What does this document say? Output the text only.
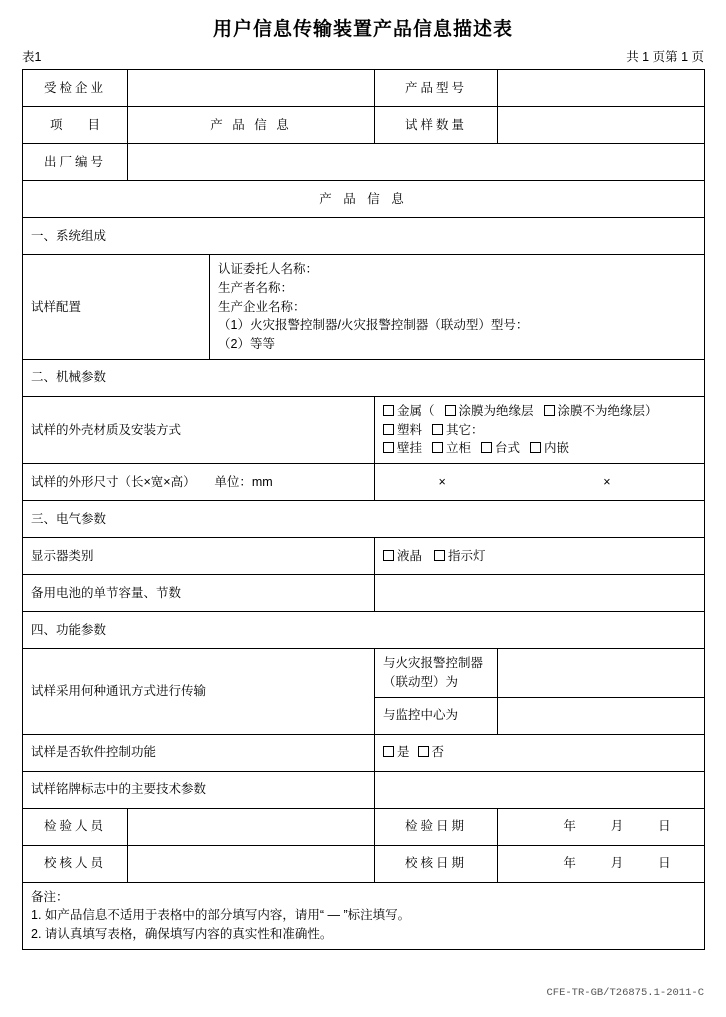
用户信息传输装置产品信息描述表
表1	共 1 页第 1 页
受检企业			产品型号	
项　　目	产 品 信 息		试样数量	
出厂编号				
产 品 信 息				
一、系统组成				
试样配置		认证委托人名称：
生产者名称：
生产企业名称：
（1）火灾报警控制器/火灾报警控制器（联动型）型号：
（2）等等		

二、机械参数				
试样的外壳材质及安装方式			金属（ 涂膜为绝缘层 涂膜不为绝缘层）
塑料 其它：
壁挂 立柜 台式 内嵌	

试样的外形尺寸（长×宽×高）　　单位：mm			×　　　×	
三、电气参数				
显示器类别			液晶 指示灯	
备用电池的单节容量、节数				
四、功能参数				
试样采用何种通讯方式进行传输			与火灾报警控制器（联动型）为	
			与监控中心为	
试样是否软件控制功能			是 否	
试样铭牌标志中的主要技术参数				
检验人员			检验日期	年 月 日

校核人员			校核日期	年 月 日

备注：
1. 如产品信息不适用于表格中的部分填写内容，请用“ — ”标注填写。
2. 请认真填写表格，确保填写内容的真实性和准确性。				
CFE-TR-GB/T26875.1-2011-C
